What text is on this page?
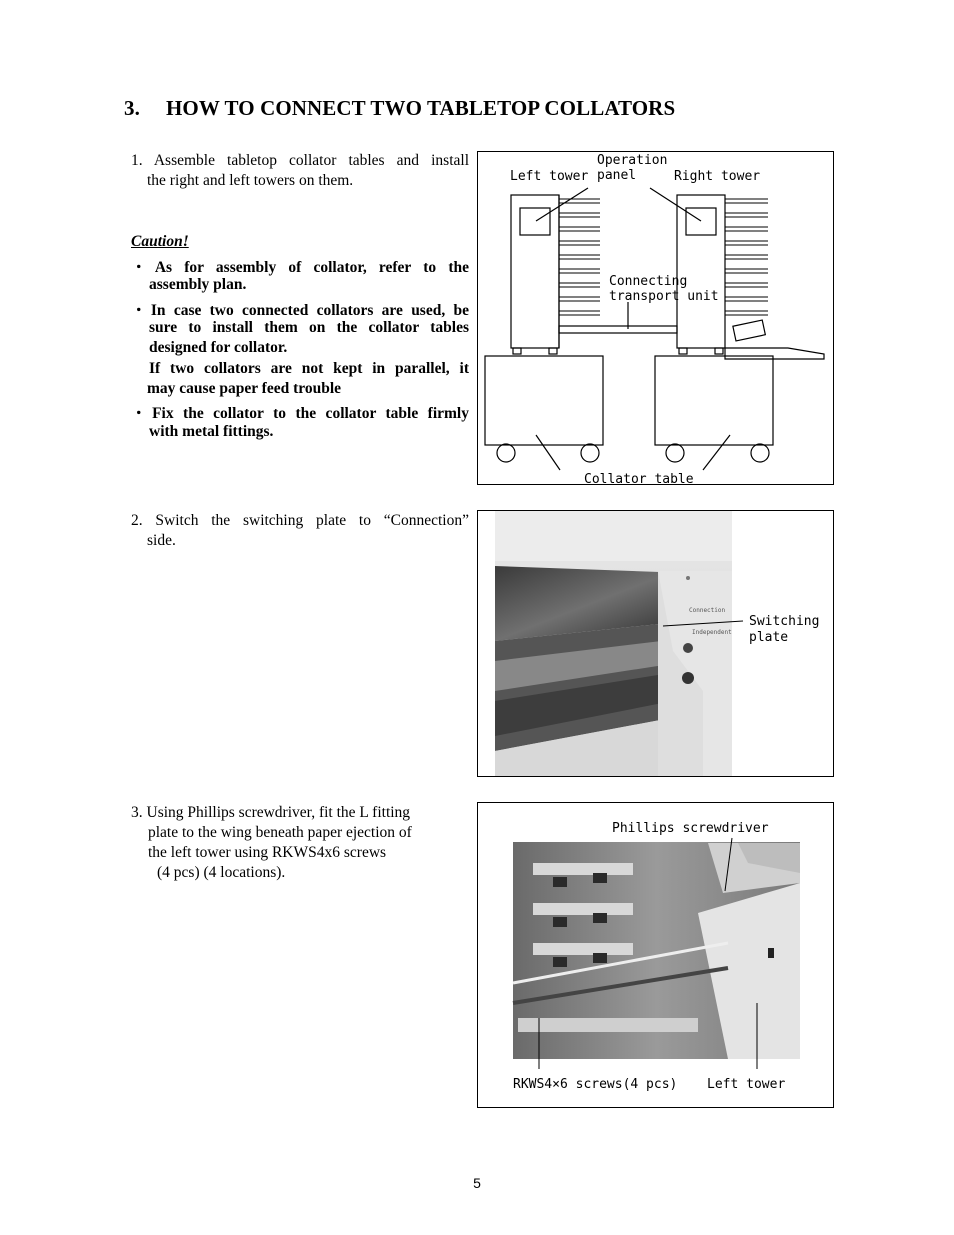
3. HOW TO CONNECT TWO TABLETOP COLLATORS
1. Assemble tabletop collator tables and install
the right and left towers on them.
Caution!
・As for assembly of collator, refer to the
assembly plan.
・In case two connected collators are used, be
sure to install them on the collator tables
designed for collator.
If two collators are not kept in parallel, it
may cause paper feed trouble
・Fix the collator to the collator table firmly
with metal fittings.
Left tower
Operation
panel	Right tower
Connecting
transport unit
Collator table
2. Switch the switching plate to “Connection”
side.
Connection
Independent
Switching
plate
3. Using Phillips screwdriver, fit the L fitting
plate to the wing beneath paper ejection of
the left tower using RKWS4x6 screws
(4 pcs) (4 locations).
Phillips screwdriver
RKWS4×6 screws(4 pcs) Left tower
5
